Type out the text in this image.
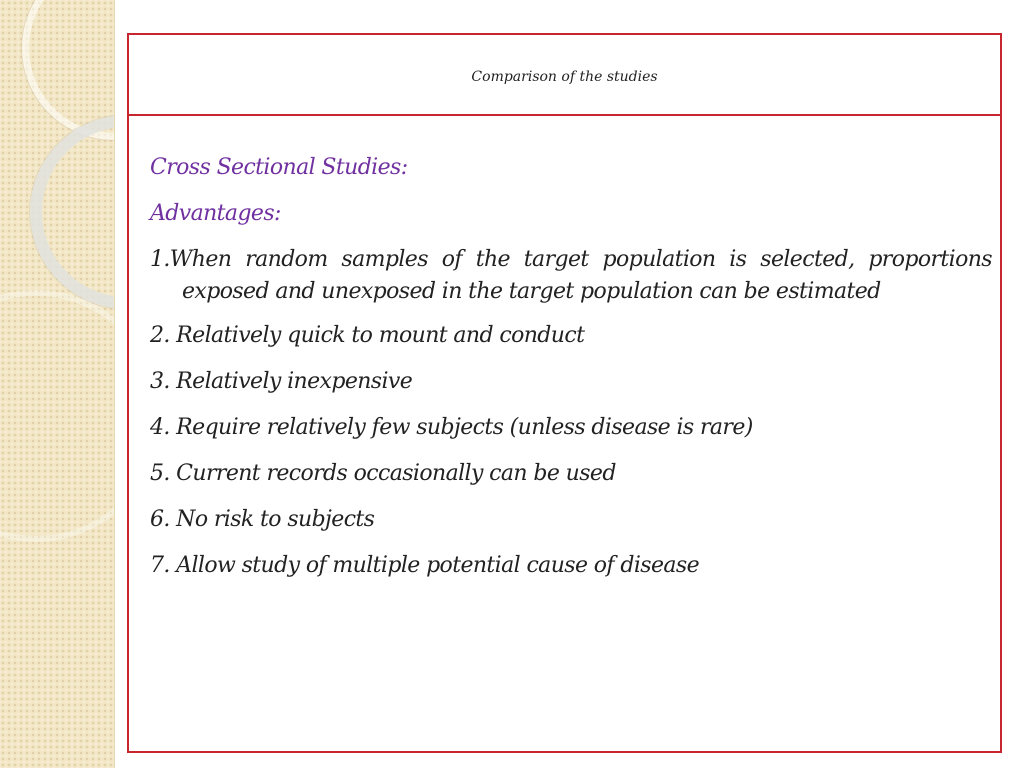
Comparison of the studies
Cross Sectional Studies:
Advantages:
1.When random samples of the target population is selected, proportions
exposed and unexposed in the target population can be estimated
2. Relatively quick to mount and conduct
3. Relatively inexpensive
4. Require relatively few subjects (unless disease is rare)
5. Current records occasionally can be used
6. No risk to subjects
7. Allow study of multiple potential cause of disease
